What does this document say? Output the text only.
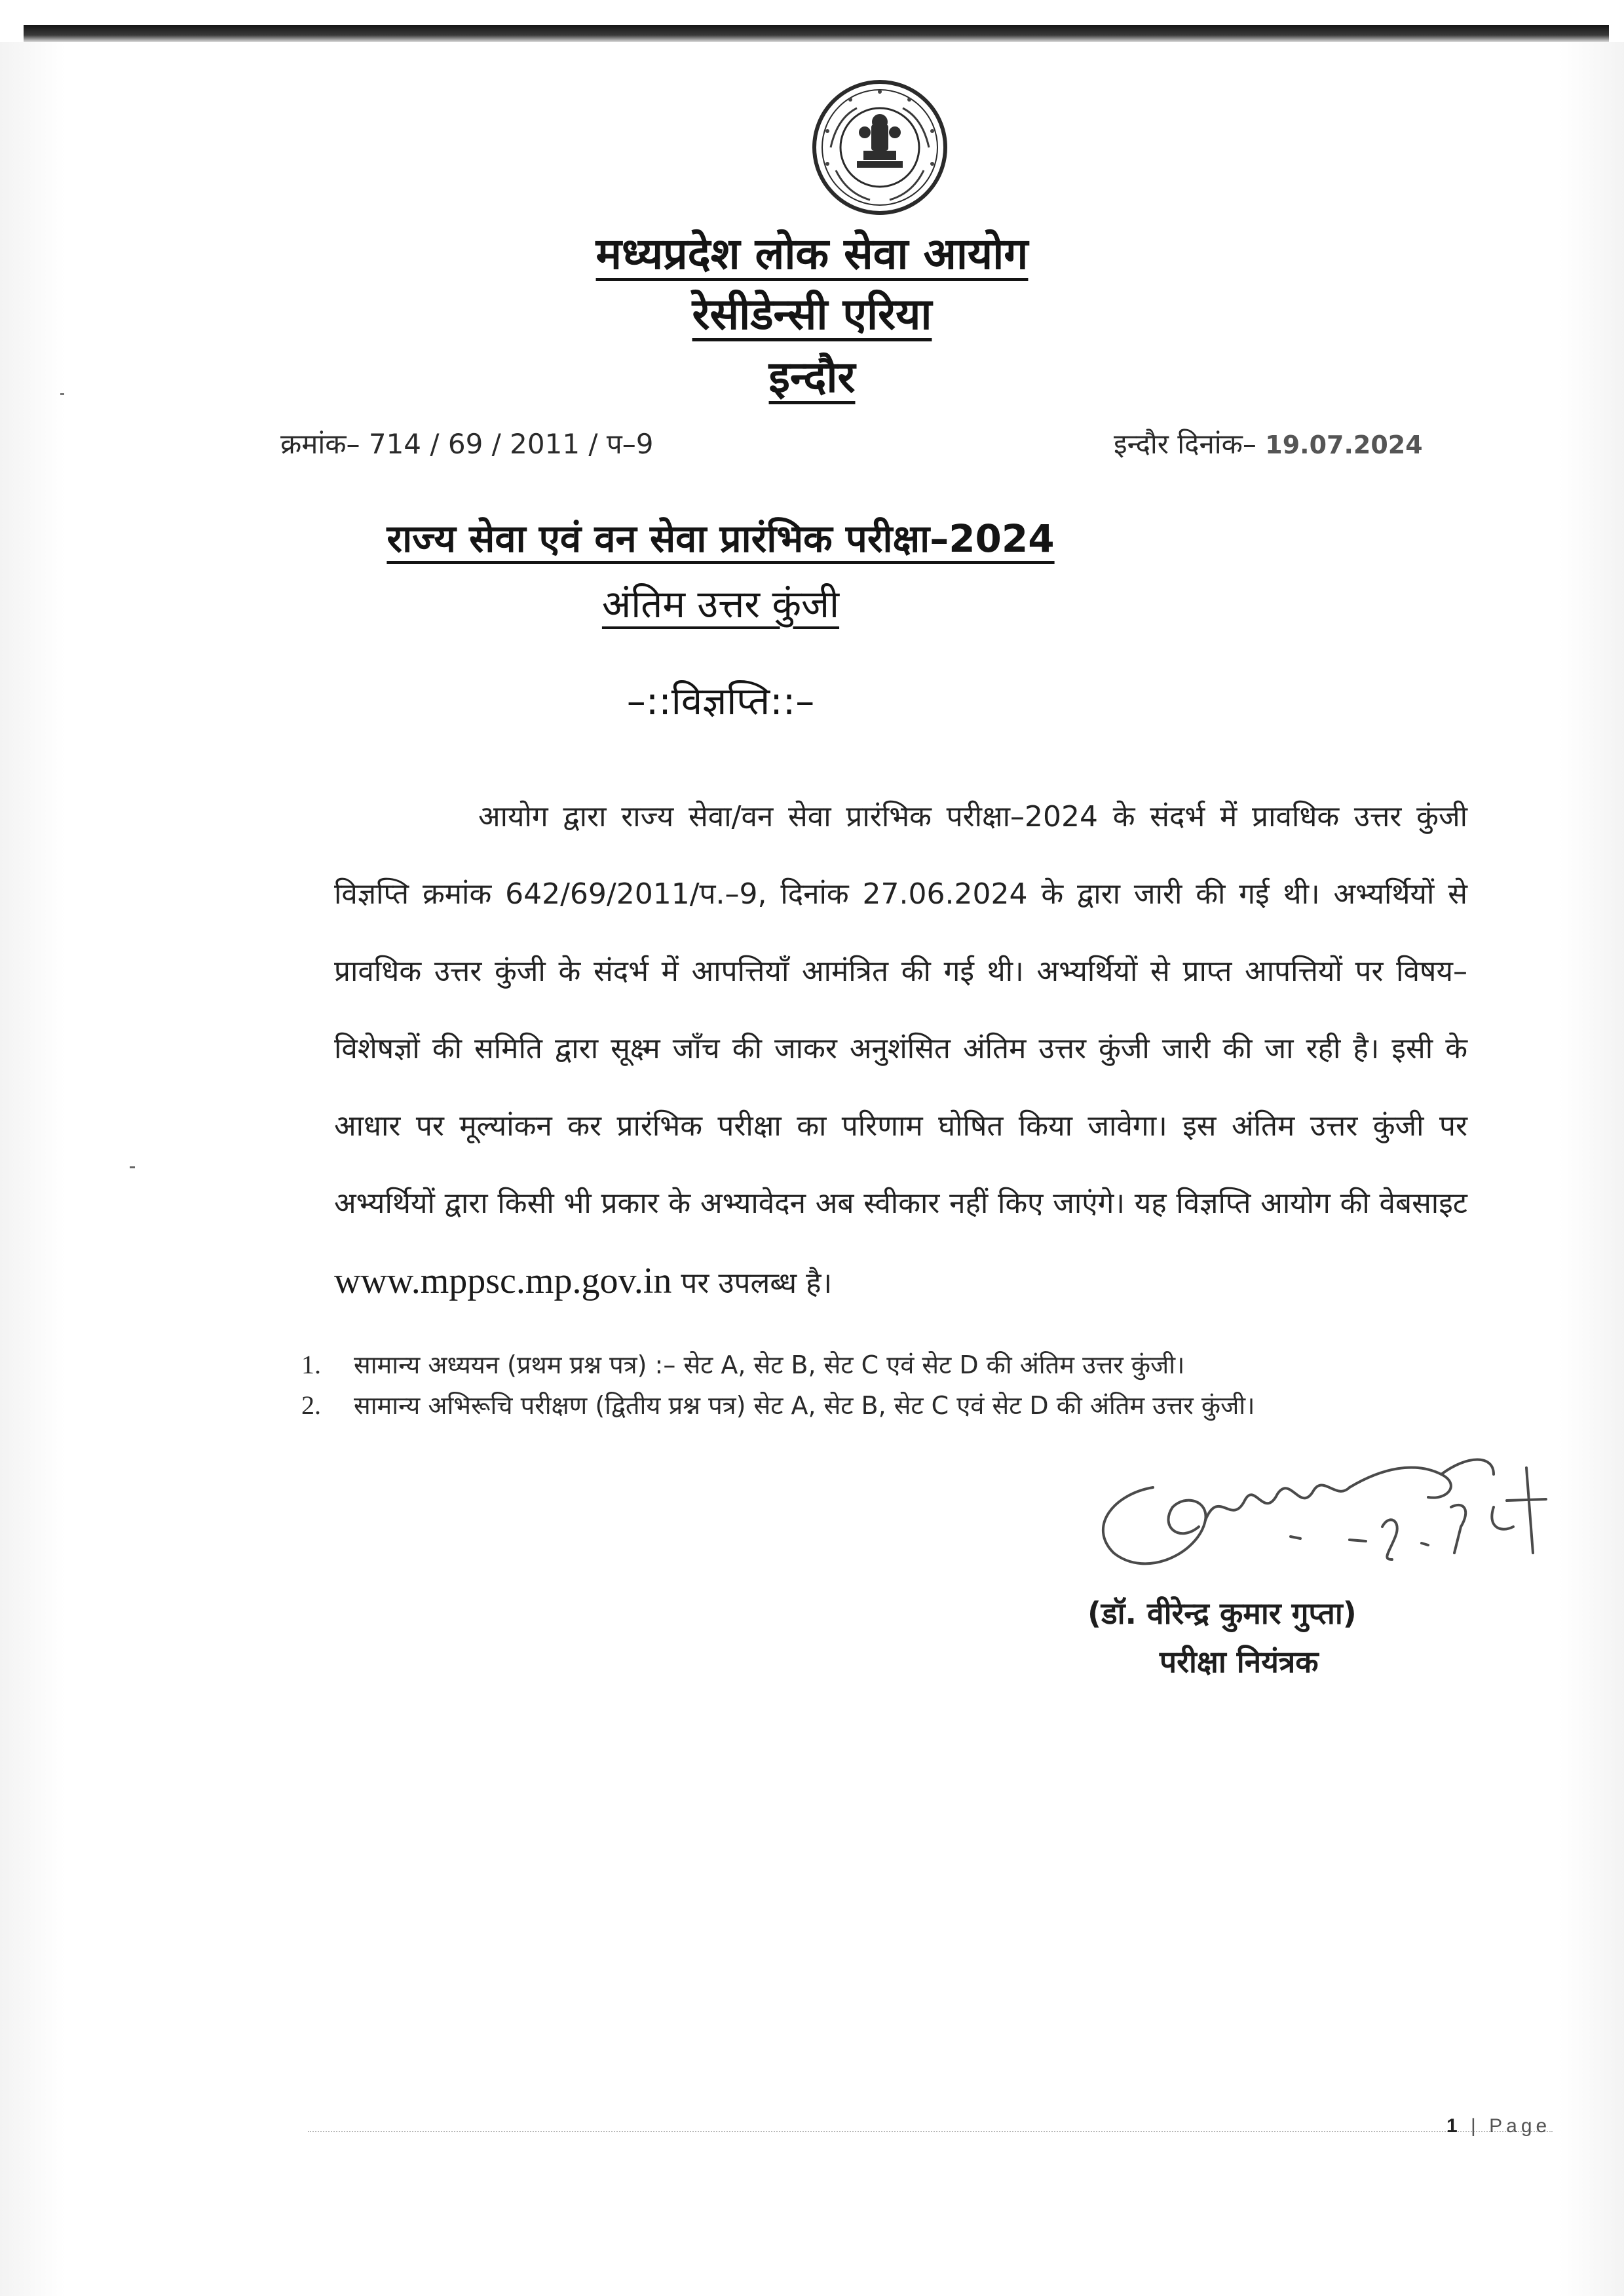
मध्यप्रदेश लोक सेवा आयोग
रेसीडेन्सी एरिया
इन्दौर
क्रमांक– 714 / 69 / 2011 / प–9	इन्दौर दिनांक– 19.07.2024
राज्य सेवा एवं वन सेवा प्रारंभिक परीक्षा–2024
अंतिम उत्तर कुंजी
–::विज्ञप्ति::–
आयोग द्वारा राज्य सेवा/वन सेवा प्रारंभिक परीक्षा–2024 के संदर्भ में प्रावधिक उत्तर कुंजी विज्ञप्ति क्रमांक 642/69/2011/प.–9, दिनांक 27.06.2024 के द्वारा जारी की गई थी। अभ्यर्थियों से प्रावधिक उत्तर कुंजी के संदर्भ में आपत्तियाँ आमंत्रित की गई थी। अभ्यर्थियों से प्राप्त आपत्तियों पर विषय–विशेषज्ञों की समिति द्वारा सूक्ष्म जाँच की जाकर अनुशंसित अंतिम उत्तर कुंजी जारी की जा रही है। इसी के आधार पर मूल्यांकन कर प्रारंभिक परीक्षा का परिणाम घोषित किया जावेगा। इस अंतिम उत्तर कुंजी पर अभ्यर्थियों द्वारा किसी भी प्रकार के अभ्यावेदन अब स्वीकार नहीं किए जाएंगे। यह विज्ञप्ति आयोग की वेबसाइट www.mppsc.mp.gov.in पर उपलब्ध है।
1. सामान्य अध्ययन (प्रथम प्रश्न पत्र) :– सेट A, सेट B, सेट C एवं सेट D की अंतिम उत्तर कुंजी।
2. सामान्य अभिरूचि परीक्षण (द्वितीय प्रश्न पत्र) सेट A, सेट B, सेट C एवं सेट D की अंतिम उत्तर कुंजी।
(डॉ. वीरेन्द्र कुमार गुप्ता)
परीक्षा नियंत्रक
1 | Page
